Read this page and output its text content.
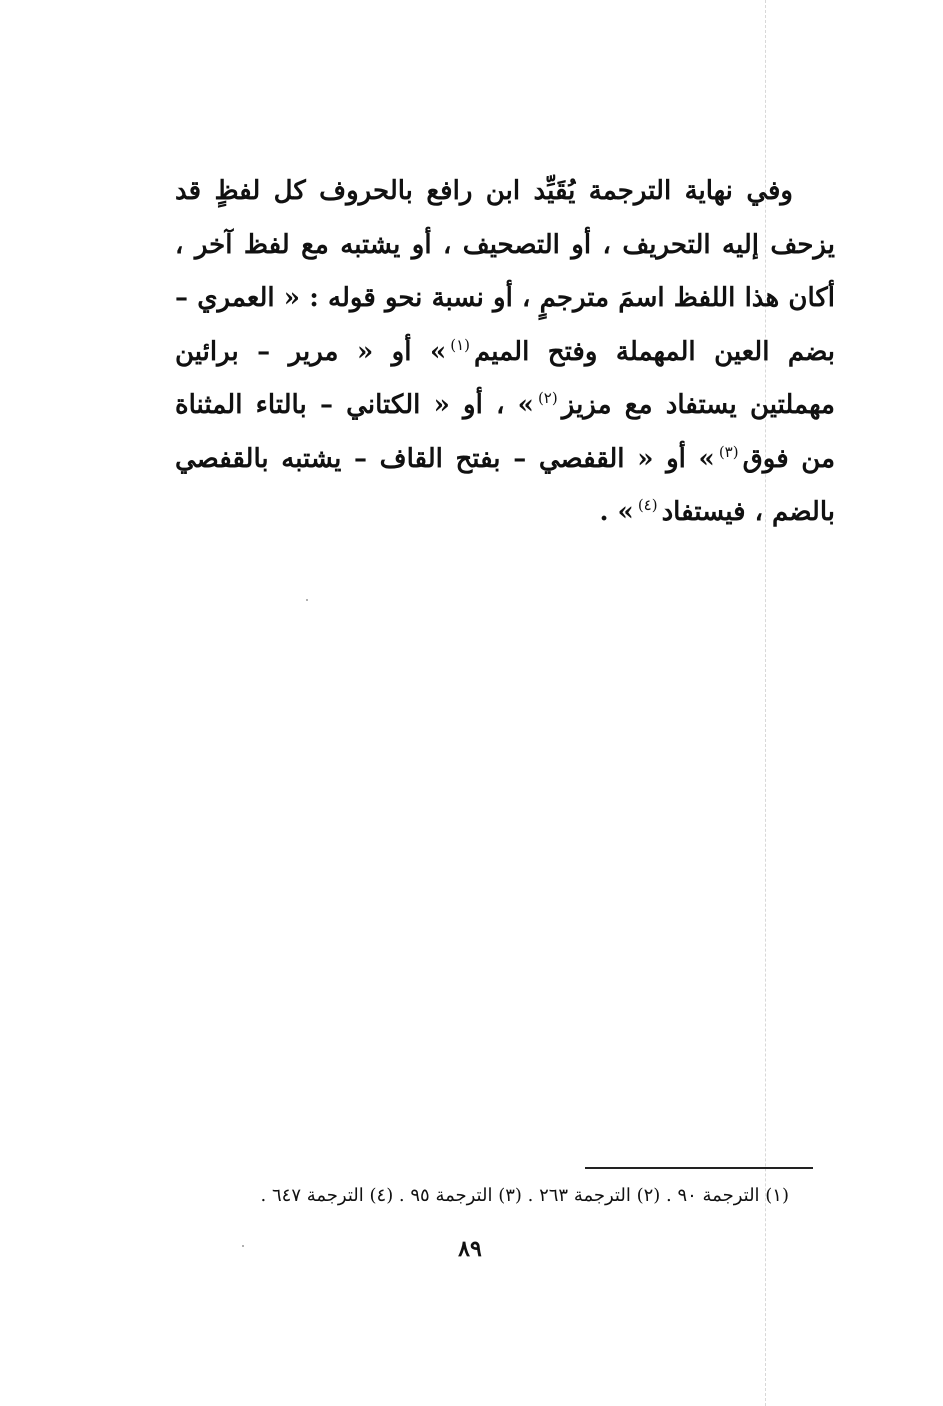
وفي نهاية الترجمة يُقَيِّد ابن رافع بالحروف كل لفظٍ قد يزحف إليه التحريف ، أو التصحيف ، أو يشتبه مع لفظ آخر ، أكان هذا اللفظ اسمَ مترجمٍ ، أو نسبة نحو قوله : « العمري – بضم العين المهملة وفتح الميم$^{(١)}$» أو « مرير – برائين مهملتين يستفاد مع مزيز$^{(٢)}$» ، أو « الكتاني – بالتاء المثناة من فوق$^{(٣)}$» أو « القفصي – بفتح القاف – يشتبه بالقفصي بالضم ، فيستفاد$^{(٤)}$» .
(١) الترجمة ٩٠ . (٢) الترجمة ٢٦٣ . (٣) الترجمة ٩٥ . (٤) الترجمة ٦٤٧ .
٨٩
